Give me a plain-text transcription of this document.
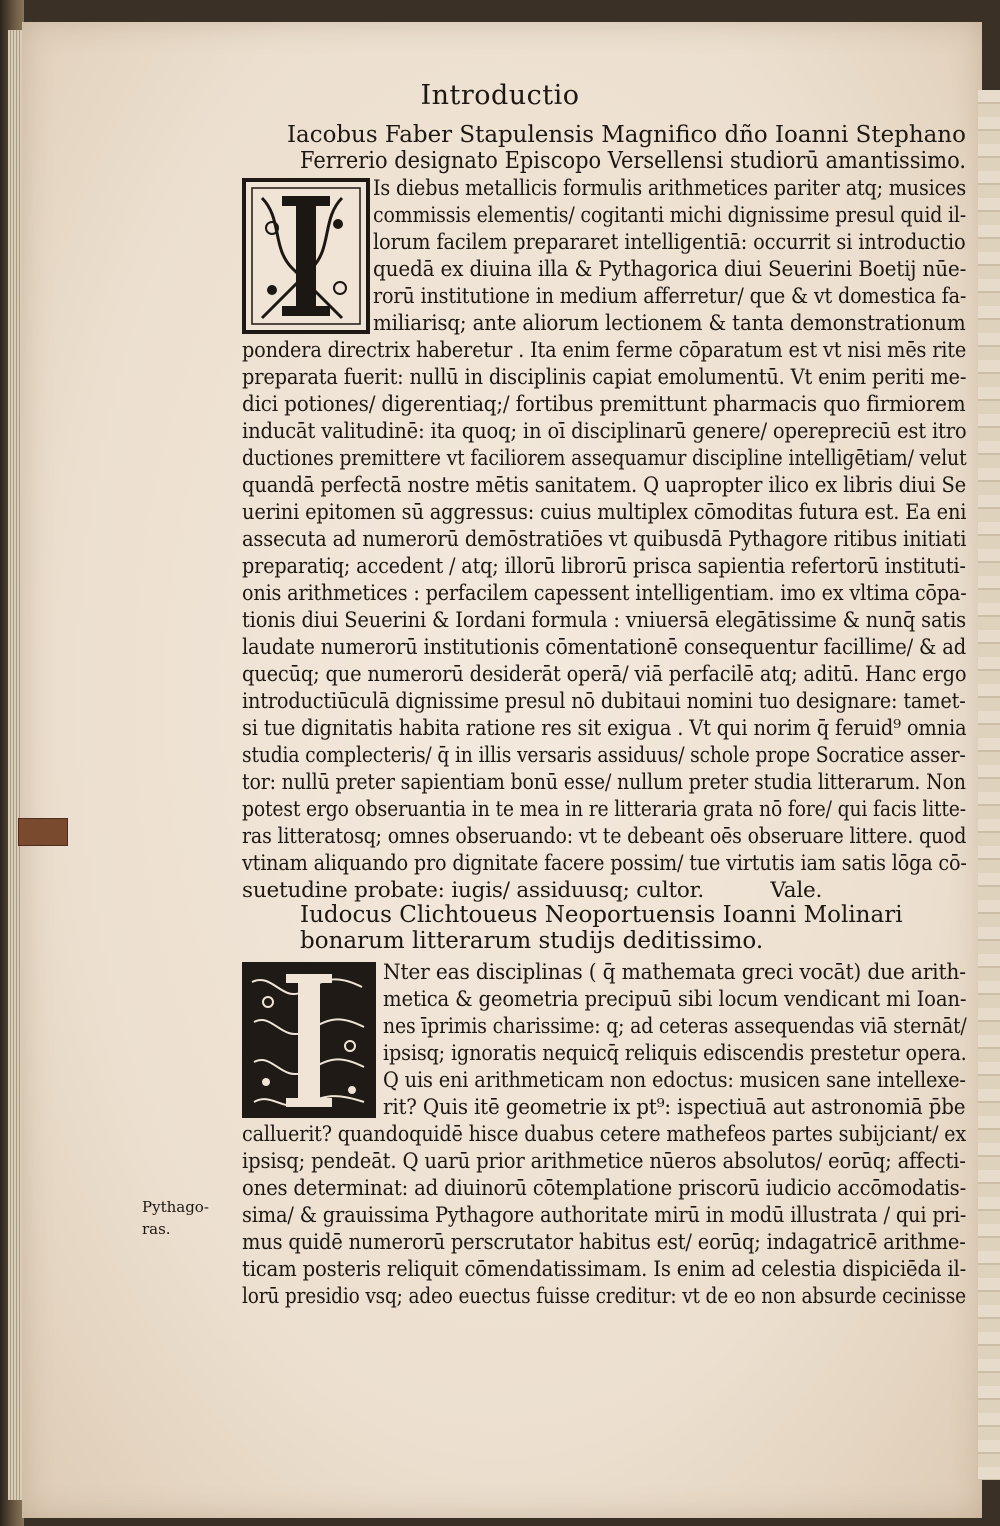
Introductio
Iacobus Faber Stapulensis Magnifico dño Ioanni Stephano
Ferrerio designato Episcopo Versellensi studiorū amantissimo.
Is diebus metallicis formulis arithmetices pariter atq; musices
commissis elementis/ cogitanti michi dignissime presul quid il-
lorum facilem prepararet intelligentiā: occurrit si introductio
quedā ex diuina illa & Pythagorica diui Seuerini Boetij nūe-
rorū institutione in medium afferretur/ que & vt domestica fa-
miliarisq; ante aliorum lectionem & tanta demonstrationum
pondera directrix haberetur . Ita enim ferme cōparatum est vt nisi mēs rite
preparata fuerit: nullū in disciplinis capiat emolumentū. Vt enim periti me-
dici potiones/ digerentiaq;/ fortibus premittunt pharmacis quo firmiorem
inducāt valitudinē: ita quoq; in oī disciplinarū genere/ operepreciū est itro
ductiones premittere vt faciliorem assequamur discipline intelligētiam/ velut
quandā perfectā nostre mētis sanitatem. Q uapropter ilico ex libris diui Se
uerini epitomen sū aggressus: cuius multiplex cōmoditas futura est. Ea eni
assecuta ad numerorū demōstratiōes vt quibusdā Pythagore ritibus initiati
preparatiq; accedent / atq; illorū librorū prisca sapientia refertorū instituti-
onis arithmetices : perfacilem capessent intelligentiam. imo ex vltima cōpa-
tionis diui Seuerini & Iordani formula : vniuersā elegātissime & nunq̄ satis
laudate numerorū institutionis cōmentationē consequentur facillime/ & ad
quecūq; que numerorū desiderāt operā/ viā perfacilē atq; aditū. Hanc ergo
introductiūculā dignissime presul nō dubitaui nomini tuo designare: tamet-
si tue dignitatis habita ratione res sit exigua . Vt qui norim q̄ feruid⁹ omnia
studia complecteris/ q̄ in illis versaris assiduus/ schole prope Socratice asser-
tor: nullū preter sapientiam bonū esse/ nullum preter studia litterarum. Non
potest ergo obseruantia in te mea in re litteraria grata nō fore/ qui facis litte-
ras litteratosq; omnes obseruando: vt te debeant oēs obseruare littere. quod
vtinam aliquando pro dignitate facere possim/ tue virtutis iam satis lōga cō-
suetudine probate: iugis/ assiduusq; cultor.          Vale.
Iudocus Clichtoueus Neoportuensis Ioanni Molinari
bonarum litterarum studijs deditissimo.
Nter eas disciplinas ( q̄ mathemata greci vocāt) due arith-
metica & geometria precipuū sibi locum vendicant mi Ioan-
nes īprimis charissime: q; ad ceteras assequendas viā sternāt/
ipsisq; ignoratis nequicq̄ reliquis ediscendis prestetur opera.
Q uis eni arithmeticam non edoctus: musicen sane intellexe-
rit? Quis itē geometrie ix pt⁹: ispectiuā aut astronomiā p̄be
calluerit? quandoquidē hisce duabus cetere mathefeos partes subijciant/ ex
ipsisq; pendeāt. Q uarū prior arithmetice nūeros absolutos/ eorūq; affecti-
ones determinat: ad diuinorū cōtemplatione priscorū iudicio accōmodatis-
sima/ & grauissima Pythagore authoritate mirū in modū illustrata / qui pri-
mus quidē numerorū perscrutator habitus est/ eorūq; indagatricē arithme-
ticam posteris reliquit cōmendatissimam. Is enim ad celestia dispiciēda il-
lorū presidio vsq; adeo euectus fuisse creditur: vt de eo non absurde cecinisse
Pythago-
ras.
